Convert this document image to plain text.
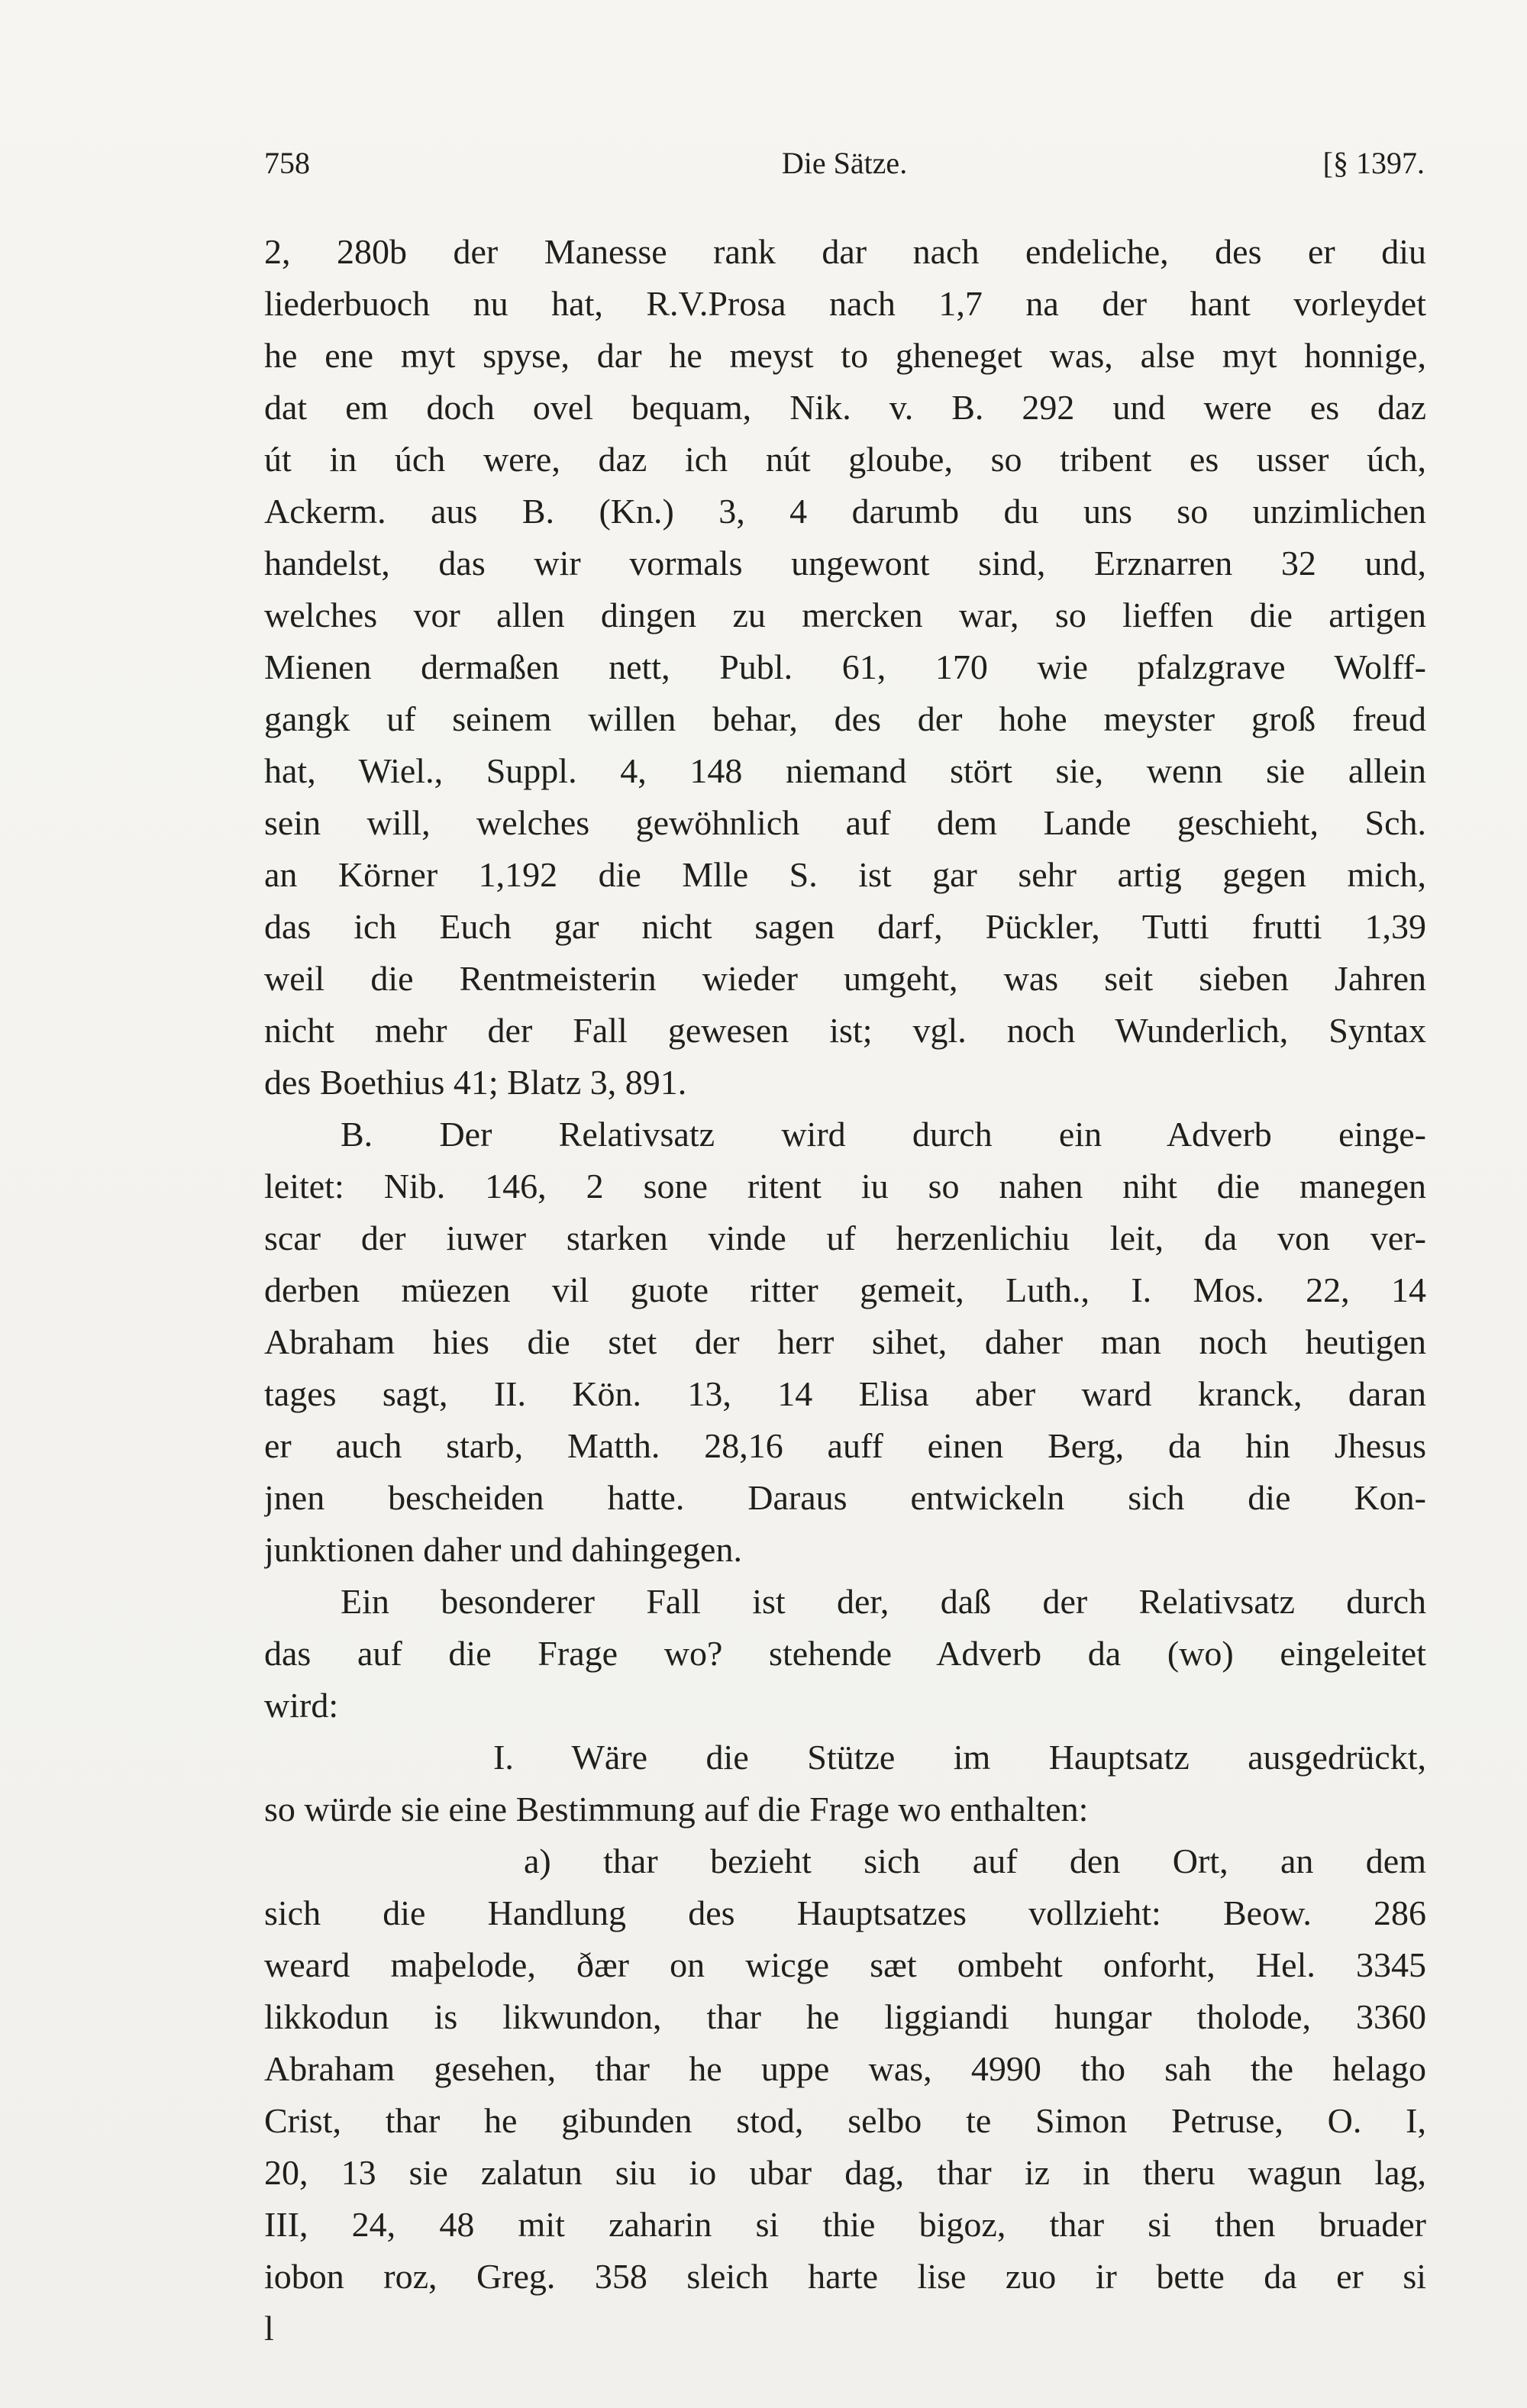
758	Die Sätze.	[§ 1397.
2, 280b der Manesse rank dar nach endeliche, des er diu
liederbuoch nu hat, R.V.Prosa nach 1,7 na der hant vorleydet
he ene myt spyse, dar he meyst to gheneget was, alse myt honnige,
dat em doch ovel bequam, Nik. v. B. 292 und were es daz
út in úch were, daz ich nút gloube, so tribent es usser úch,
Ackerm. aus B. (Kn.) 3, 4 darumb du uns so unzimlichen
handelst, das wir vormals ungewont sind, Erznarren 32 und,
welches vor allen dingen zu mercken war, so lieffen die artigen
Mienen dermaßen nett, Publ. 61, 170 wie pfalzgrave Wolff-
gangk uf seinem willen behar, des der hohe meyster groß freud
hat, Wiel., Suppl. 4, 148 niemand stört sie, wenn sie allein
sein will, welches gewöhnlich auf dem Lande geschieht, Sch.
an Körner 1,192 die Mlle S. ist gar sehr artig gegen mich,
das ich Euch gar nicht sagen darf, Pückler, Tutti frutti 1,39
weil die Rentmeisterin wieder umgeht, was seit sieben Jahren
nicht mehr der Fall gewesen ist; vgl. noch Wunderlich, Syntax
des Boethius 41; Blatz 3, 891.
B. Der Relativsatz wird durch ein Adverb einge-
leitet: Nib. 146, 2 sone ritent iu so nahen niht die manegen
scar der iuwer starken vinde uf herzenlichiu leit, da von ver-
derben müezen vil guote ritter gemeit, Luth., I. Mos. 22, 14
Abraham hies die stet der herr sihet, daher man noch heutigen
tages sagt, II. Kön. 13, 14 Elisa aber ward kranck, daran
er auch starb, Matth. 28,16 auff einen Berg, da hin Jhesus
jnen bescheiden hatte. Daraus entwickeln sich die Kon-
junktionen daher und dahingegen.
Ein besonderer Fall ist der, daß der Relativsatz durch
das auf die Frage wo? stehende Adverb da (wo) eingeleitet
wird:
I. Wäre die Stütze im Hauptsatz ausgedrückt,
so würde sie eine Bestimmung auf die Frage wo enthalten:
a) thar bezieht sich auf den Ort, an dem
sich die Handlung des Hauptsatzes vollzieht: Beow. 286
weard maþelode, ðær on wicge sæt ombeht onforht, Hel. 3345
likkodun is likwundon, thar he liggiandi hungar tholode, 3360
Abraham gesehen, thar he uppe was, 4990 tho sah the helago
Crist, thar he gibunden stod, selbo te Simon Petruse, O. I,
20, 13 sie zalatun siu io ubar dag, thar iz in theru wagun lag,
III, 24, 48 mit zaharin si thie bigoz, thar si then bruader
iobon roz, Greg. 358 sleich harte lise zuo ir bette da er si
l
